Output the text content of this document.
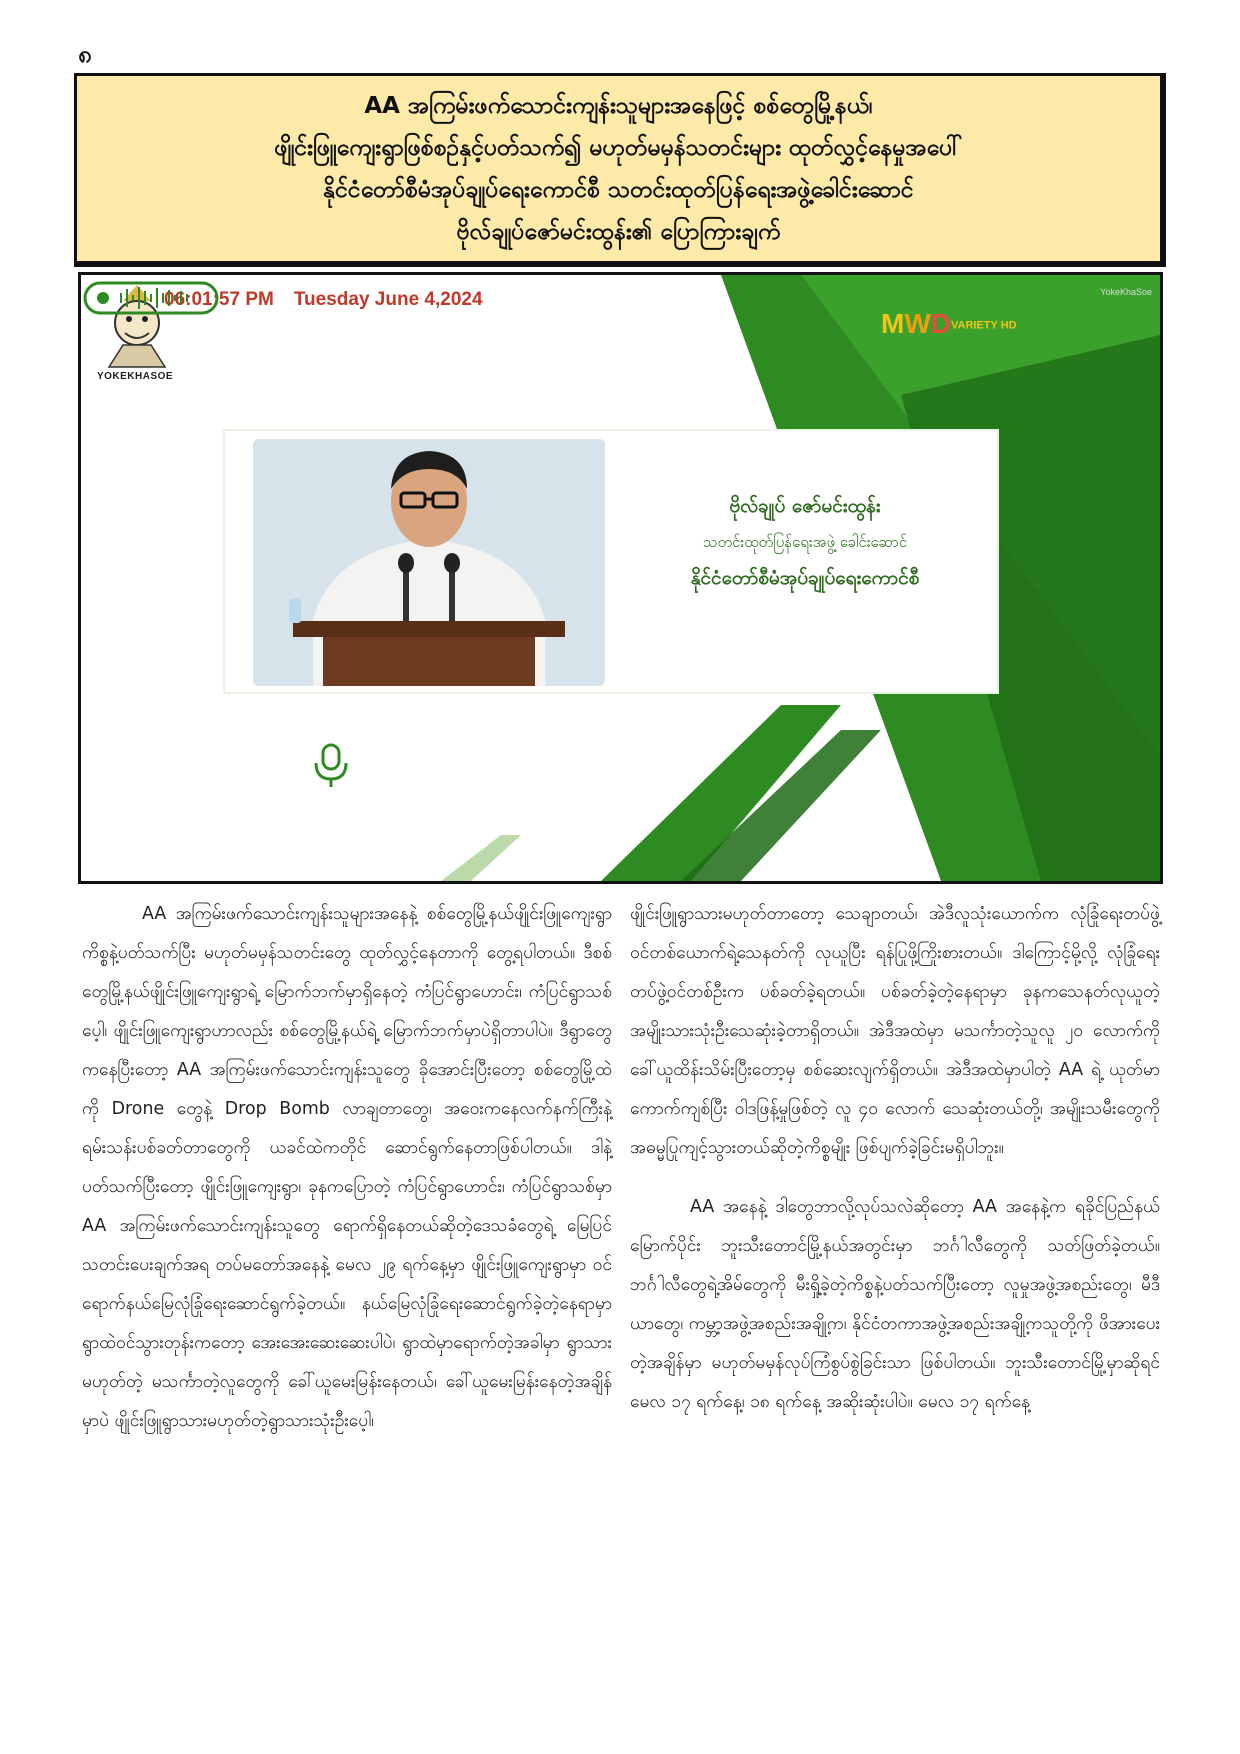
၈
AA အကြမ်းဖက်သောင်းကျန်းသူများအနေဖြင့် စစ်တွေမြို့နယ်၊
ဖျိုင်းဖြူကျေးရွာဖြစ်စဉ်နှင့်ပတ်သက်၍ မဟုတ်မမှန်သတင်းများ ထုတ်လွှင့်နေမှုအပေါ်
နိုင်ငံတော်စီမံအုပ်ချုပ်ရေးကောင်စီ သတင်းထုတ်ပြန်ရေးအဖွဲ့ခေါင်းဆောင်
ဗိုလ်ချုပ်ဇော်မင်းထွန်း၏ ပြောကြားချက်
06:01:57 PM Tuesday June 4,2024
YOKEKHASOE
YokeKhaSoe
MWDVARIETY HD
ဗိုလ်ချုပ် ဇော်မင်းထွန်း
သတင်းထုတ်ပြန်ရေးအဖွဲ့ ခေါင်းဆောင်
နိုင်ငံတော်စီမံအုပ်ချုပ်ရေးကောင်စီ

AA အကြမ်းဖက်သောင်းကျန်းသူများအနေနဲ့ စစ်တွေမြို့နယ်ဖျိုင်းဖြူကျေးရွာကိစ္စနဲ့ပတ်သက်ပြီး မဟုတ်မမှန်သတင်းတွေ ထုတ်လွှင့်နေတာကို တွေ့ရပါတယ်။ ဒီစစ်တွေမြို့နယ်ဖျိုင်းဖြူကျေးရွာရဲ့ မြောက်ဘက်မှာရှိနေတဲ့ ကံပြင်ရွာဟောင်း၊ ကံပြင်ရွာသစ်ပေ့ါ၊ ဖျိုင်းဖြူကျေးရွာဟာလည်း စစ်တွေမြို့နယ်ရဲ့ မြောက်ဘက်မှာပဲရှိတာပါပဲ။ ဒီရွာတွေကနေပြီးတော့ AA အကြမ်းဖက်သောင်းကျန်းသူတွေ ခိုအောင်းပြီးတော့ စစ်တွေမြို့ထဲကို Drone တွေနဲ့ Drop Bomb လာချတာတွေ၊ အဝေးကနေလက်နက်ကြီးနဲ့ ရမ်းသန်းပစ်ခတ်တာတွေကို ယခင်ထဲကတိုင် ဆောင်ရွက်နေတာဖြစ်ပါတယ်။ ဒါနဲ့ပတ်သက်ပြီးတော့ ဖျိုင်းဖြူကျေးရွာ၊ ခုနကပြောတဲ့ ကံပြင်ရွာဟောင်း၊ ကံပြင်ရွာသစ်မှာ AA အကြမ်းဖက်သောင်းကျန်းသူတွေ ရောက်ရှိနေတယ်ဆိုတဲ့ဒေသခံတွေရဲ့ မြေပြင်သတင်းပေးချက်အရ တပ်မတော်အနေနဲ့ မေလ ၂၉ ရက်နေ့မှာ ဖျိုင်းဖြူကျေးရွာမှာ ဝင်ရောက်နယ်မြေလုံခြုံရေးဆောင်ရွက်ခဲ့တယ်။ နယ်မြေလုံခြုံရေးဆောင်ရွက်ခဲ့တဲ့နေရာမှာ ရွာထဲဝင်သွားတုန်းကတော့ အေးအေးဆေးဆေးပါပဲ၊ ရွာထဲမှာရောက်တဲ့အခါမှာ ရွာသားမဟုတ်တဲ့ မသင်္ကာတဲ့လူတွေကို ခေါ်ယူမေးမြန်းနေတယ်၊ ခေါ်ယူမေးမြန်းနေတဲ့အချိန်မှာပဲ ဖျိုင်းဖြူရွာသားမဟုတ်တဲ့ရွာသားသုံးဦးပေ့ါ၊

ဖျိုင်းဖြူရွာသားမဟုတ်တာတော့ သေချာတယ်၊ အဲဒီလူသုံးယောက်က လုံခြုံရေးတပ်ဖွဲ့ဝင်တစ်ယောက်ရဲ့သေနတ်ကို လုယူပြီး ရန်ပြုဖို့ကြိုးစားတယ်။ ဒါကြောင့်မို့လို့ လုံခြုံရေးတပ်ဖွဲ့ဝင်တစ်ဦးက ပစ်ခတ်ခဲ့ရတယ်။ ပစ်ခတ်ခဲ့တဲ့နေရာမှာ ခုနကသေနတ်လုယူတဲ့ အမျိုးသားသုံးဦးသေဆုံးခဲ့တာရှိတယ်။ အဲဒီအထဲမှာ မသင်္ကာတဲ့သူလူ ၂၀ လောက်ကို ခေါ်ယူထိန်းသိမ်းပြီးတော့မှ စစ်ဆေးလျက်ရှိတယ်။ အဲဒီအထဲမှာပါတဲ့ AA ရဲ့ ယုတ်မာကောက်ကျစ်ပြီး ဝါဒဖြန့်မှုဖြစ်တဲ့ လူ ၄၀ လောက် သေဆုံးတယ်တို့၊ အမျိုးသမီးတွေကို အဓမ္မပြုကျင့်သွားတယ်ဆိုတဲ့ကိစ္စမျိုး ဖြစ်ပျက်ခဲ့ခြင်းမရှိပါဘူး။

AA အနေနဲ့ ဒါတွေဘာလို့လုပ်သလဲဆိုတော့ AA အနေနဲ့က ရခိုင်ပြည်နယ်မြောက်ပိုင်း ဘူးသီးတောင်မြို့နယ်အတွင်းမှာ ဘင်္ဂါလီတွေကို သတ်ဖြတ်ခဲ့တယ်။ ဘင်္ဂါလီတွေရဲ့အိမ်တွေကို မီးရှို့ခဲ့တဲ့ကိစ္စနဲ့ပတ်သက်ပြီးတော့ လူမှုအဖွဲ့အစည်းတွေ၊ မီဒီယာတွေ၊ ကမ္ဘာ့အဖွဲ့အစည်းအချို့က၊ နိုင်ငံတကာအဖွဲ့အစည်းအချို့ကသူတို့ကို ဖိအားပေးတဲ့အချိန်မှာ မဟုတ်မမှန်လုပ်ကြံစွပ်စွဲခြင်းသာ ဖြစ်ပါတယ်။ ဘူးသီးတောင်မြို့မှာဆိုရင် မေလ ၁၇ ရက်နေ့၊ ၁၈ ရက်နေ့ အဆိုးဆုံးပါပဲ။ မေလ ၁၇ ရက်နေ့
